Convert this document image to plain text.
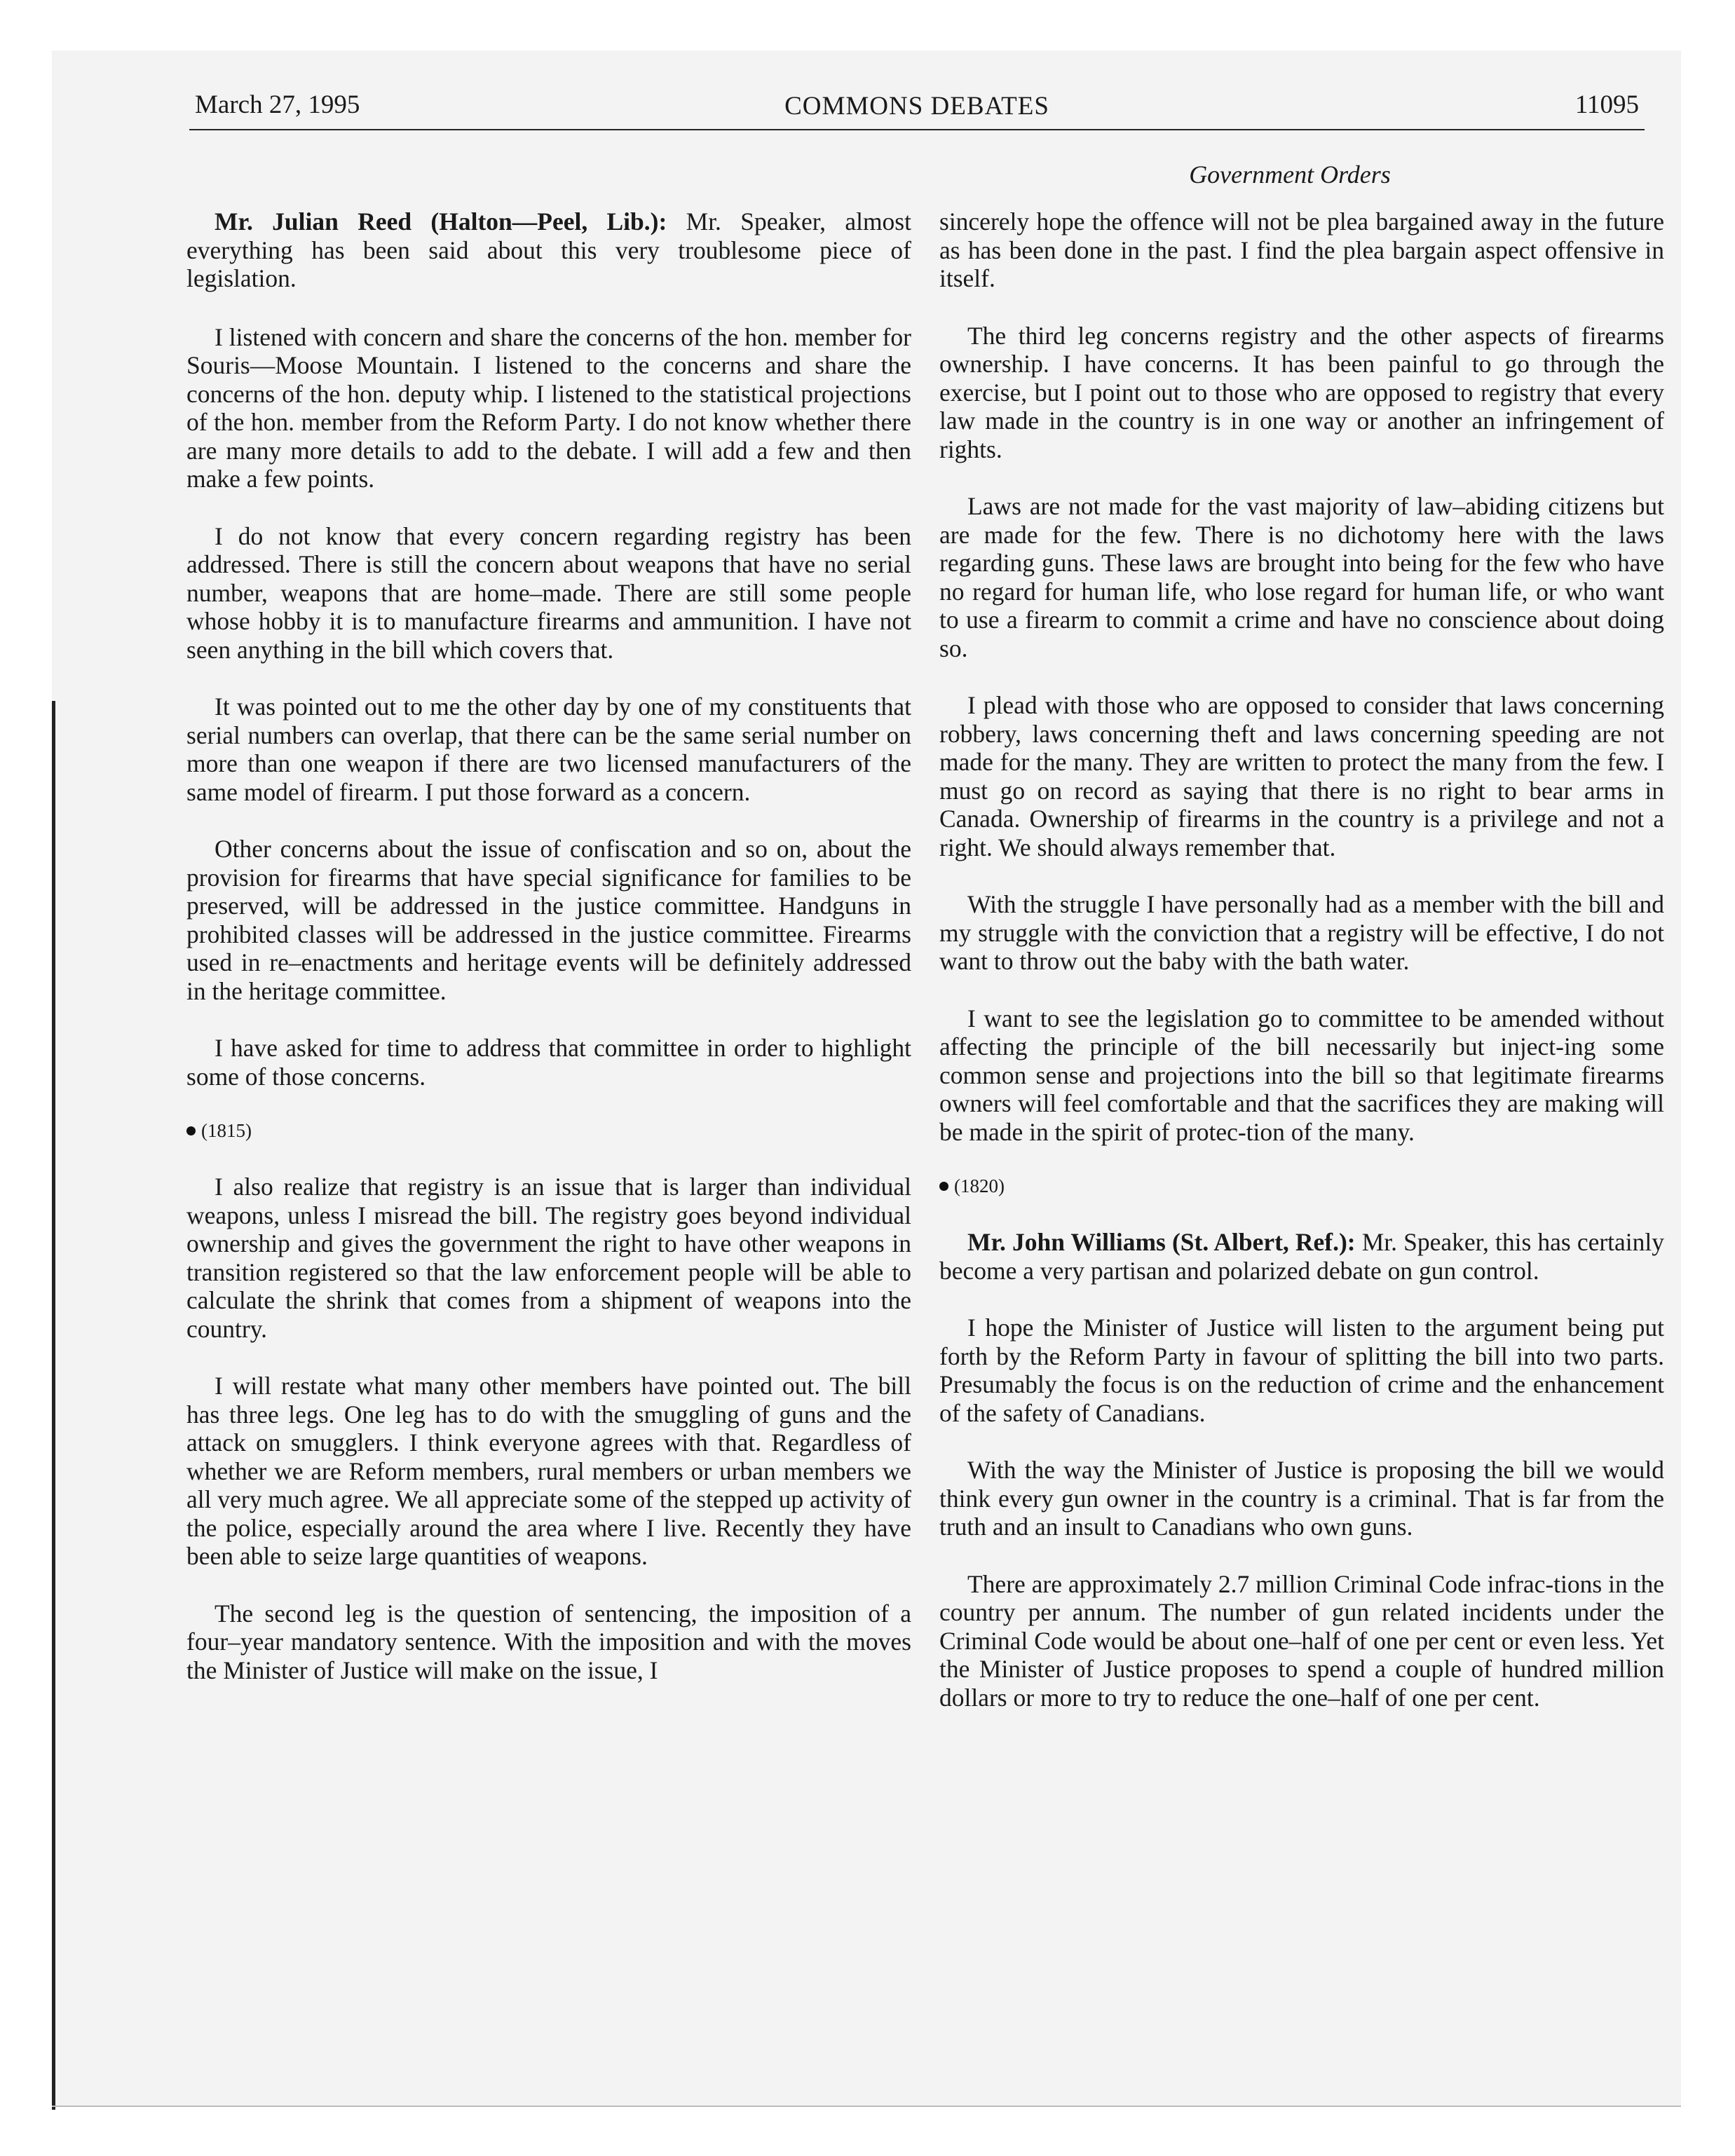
March 27, 1995	COMMONS DEBATES	11095
Government Orders

Mr. Julian Reed (Halton—Peel, Lib.): Mr. Speaker, almost everything has been said about this very troublesome piece of legislation.

I listened with concern and share the concerns of the hon. member for Souris—Moose Mountain. I listened to the concerns and share the concerns of the hon. deputy whip. I listened to the statistical projections of the hon. member from the Reform Party. I do not know whether there are many more details to add to the debate. I will add a few and then make a few points.

I do not know that every concern regarding registry has been addressed. There is still the concern about weapons that have no serial number, weapons that are home–made. There are still some people whose hobby it is to manufacture firearms and ammunition. I have not seen anything in the bill which covers that.

It was pointed out to me the other day by one of my constituents that serial numbers can overlap, that there can be the same serial number on more than one weapon if there are two licensed manufacturers of the same model of firearm. I put those forward as a concern.

Other concerns about the issue of confiscation and so on, about the provision for firearms that have special significance for families to be preserved, will be addressed in the justice committee. Handguns in prohibited classes will be addressed in the justice committee. Firearms used in re–enactments and heritage events will be definitely addressed in the heritage committee.

I have asked for time to address that committee in order to highlight some of those concerns.

(1815)

I also realize that registry is an issue that is larger than individual weapons, unless I misread the bill. The registry goes beyond individual ownership and gives the government the right to have other weapons in transition registered so that the law enforcement people will be able to calculate the shrink that comes from a shipment of weapons into the country.

I will restate what many other members have pointed out. The bill has three legs. One leg has to do with the smuggling of guns and the attack on smugglers. I think everyone agrees with that. Regardless of whether we are Reform members, rural members or urban members we all very much agree. We all appreciate some of the stepped up activity of the police, especially around the area where I live. Recently they have been able to seize large quantities of weapons.

The second leg is the question of sentencing, the imposition of a four–year mandatory sentence. With the imposition and with the moves the Minister of Justice will make on the issue, I

sincerely hope the offence will not be plea bargained away in the future as has been done in the past. I find the plea bargain aspect offensive in itself.

The third leg concerns registry and the other aspects of firearms ownership. I have concerns. It has been painful to go through the exercise, but I point out to those who are opposed to registry that every law made in the country is in one way or another an infringement of rights.

Laws are not made for the vast majority of law–abiding citizens but are made for the few. There is no dichotomy here with the laws regarding guns. These laws are brought into being for the few who have no regard for human life, who lose regard for human life, or who want to use a firearm to commit a crime and have no conscience about doing so.

I plead with those who are opposed to consider that laws concerning robbery, laws concerning theft and laws concerning speeding are not made for the many. They are written to protect the many from the few. I must go on record as saying that there is no right to bear arms in Canada. Ownership of firearms in the country is a privilege and not a right. We should always remember that.

With the struggle I have personally had as a member with the bill and my struggle with the conviction that a registry will be effective, I do not want to throw out the baby with the bath water.

I want to see the legislation go to committee to be amended without affecting the principle of the bill necessarily but inject-ing some common sense and projections into the bill so that legitimate firearms owners will feel comfortable and that the sacrifices they are making will be made in the spirit of protec-tion of the many.

(1820)

Mr. John Williams (St. Albert, Ref.): Mr. Speaker, this has certainly become a very partisan and polarized debate on gun control.

I hope the Minister of Justice will listen to the argument being put forth by the Reform Party in favour of splitting the bill into two parts. Presumably the focus is on the reduction of crime and the enhancement of the safety of Canadians.

With the way the Minister of Justice is proposing the bill we would think every gun owner in the country is a criminal. That is far from the truth and an insult to Canadians who own guns.

There are approximately 2.7 million Criminal Code infrac-tions in the country per annum. The number of gun related incidents under the Criminal Code would be about one–half of one per cent or even less. Yet the Minister of Justice proposes to spend a couple of hundred million dollars or more to try to reduce the one–half of one per cent.
